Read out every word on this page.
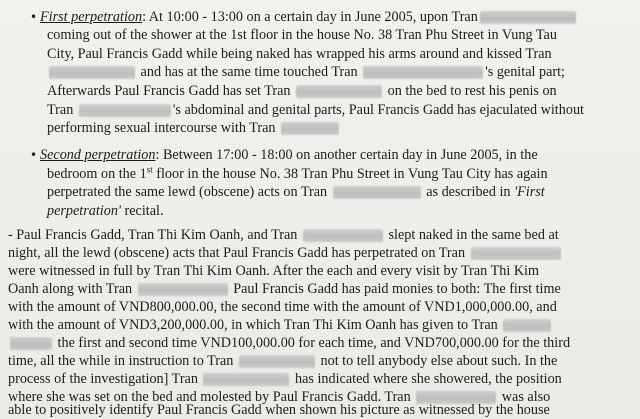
• First perpetration: At 10:00 - 13:00 on a certain day in June 2005, upon Tran
coming out of the shower at the 1st floor in the house No. 38 Tran Phu Street in Vung Tau
City, Paul Francis Gadd while being naked has wrapped his arms around and kissed Tran
and has at the same time touched Tran	's genital part;
Afterwards Paul Francis Gadd has set Tran	on the bed to rest his penis on
Tran	's abdominal and genital parts, Paul Francis Gadd has ejaculated without
performing sexual intercourse with Tran
• Second perpetration: Between 17:00 - 18:00 on another certain day in June 2005, in the
bedroom on the 1st floor in the house No. 38 Tran Phu Street in Vung Tau City has again
perpetrated the same lewd (obscene) acts on Tran	as described in 'First
perpetration' recital.
- Paul Francis Gadd, Tran Thi Kim Oanh, and Tran	slept naked in the same bed at
night, all the lewd (obscene) acts that Paul Francis Gadd has perpetrated on Tran
were witnessed in full by Tran Thi Kim Oanh. After the each and every visit by Tran Thi Kim
Oanh along with Tran	Paul Francis Gadd has paid monies to both: The first time
with the amount of VND800,000.00, the second time with the amount of VND1,000,000.00, and
with the amount of VND3,200,000.00, in which Tran Thi Kim Oanh has given to Tran
the first and second time VND100,000.00 for each time, and VND700,000.00 for the third
time, all the while in instruction to Tran	not to tell anybody else about such. In the
process of the investigation] Tran	has indicated where she showered, the position
where she was set on the bed and molested by Paul Francis Gadd. Tran	was also
able to positively identify Paul Francis Gadd when shown his picture as witnessed by the house
